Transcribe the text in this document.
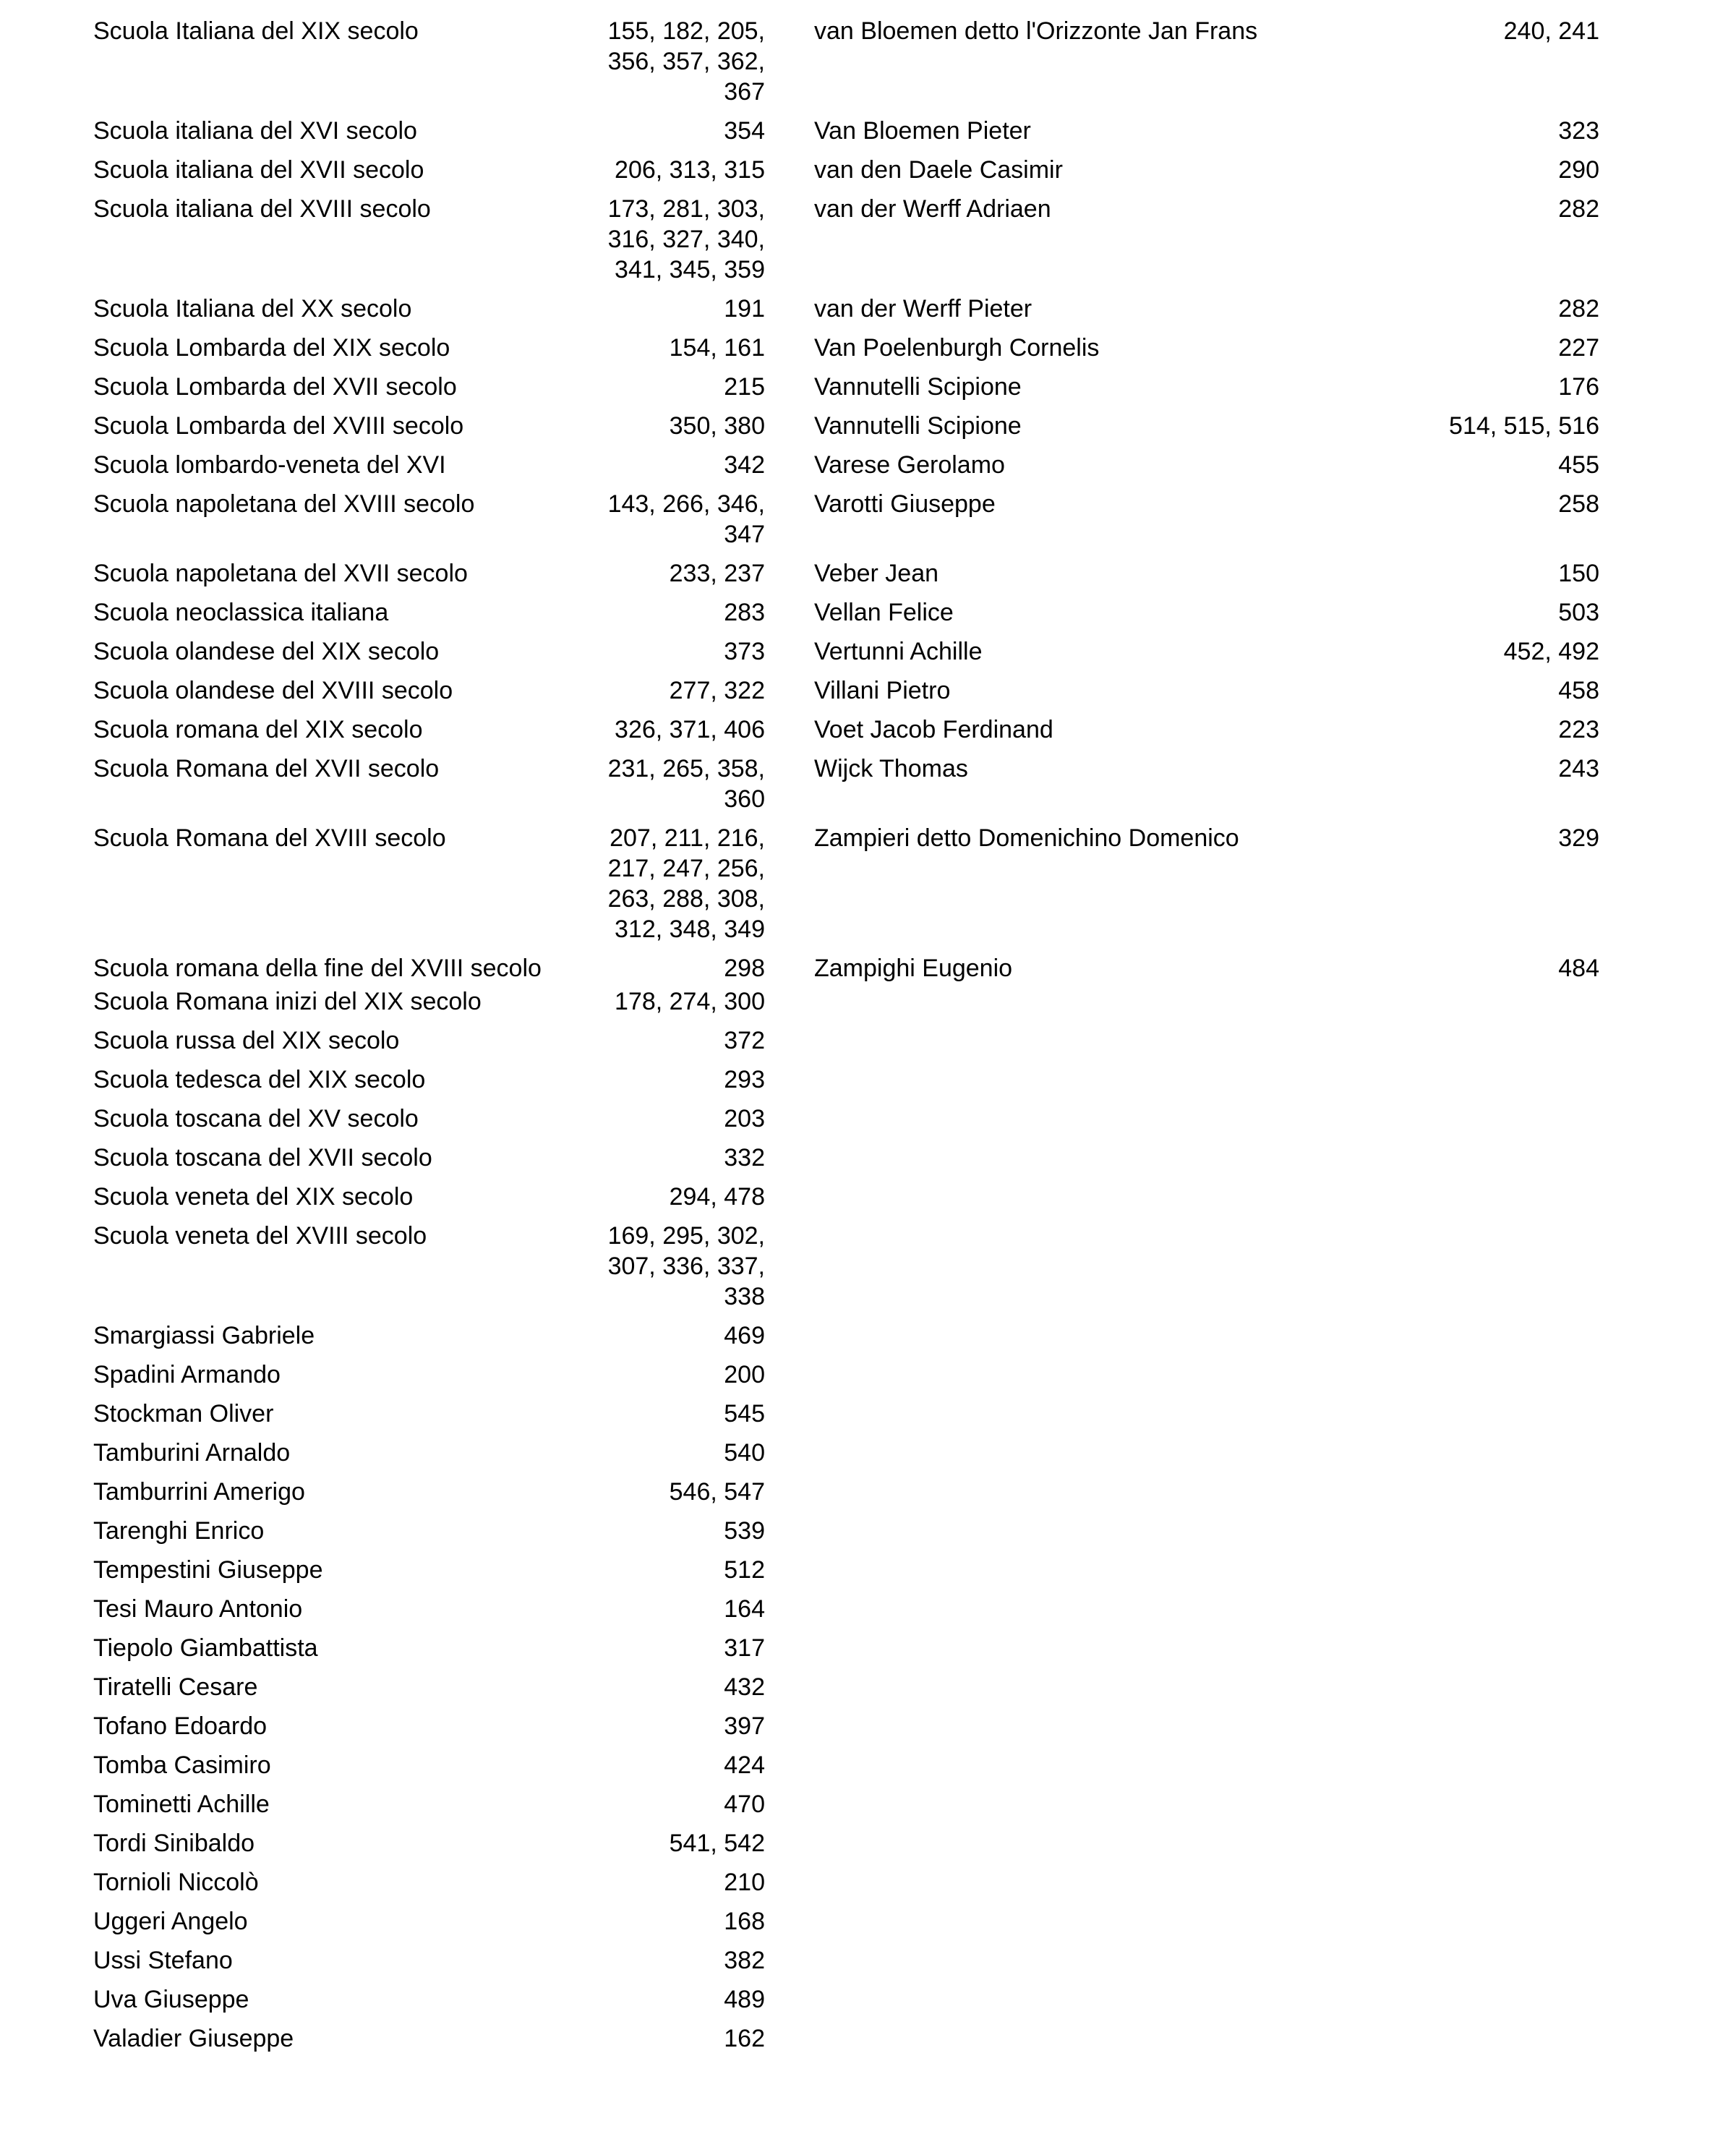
Scuola Italiana del XIX secolo	155, 182, 205, 356, 357, 362, 367
Scuola italiana del XVI secolo	354
Scuola italiana del XVII secolo	206, 313, 315
Scuola italiana del XVIII secolo	173, 281, 303, 316, 327, 340, 341, 345, 359
Scuola Italiana del XX secolo	191
Scuola Lombarda del XIX secolo	154, 161
Scuola Lombarda del XVII secolo	215
Scuola Lombarda del XVIII secolo	350, 380
Scuola lombardo-veneta del XVI	342
Scuola napoletana del XVIII secolo	143, 266, 346, 347
Scuola napoletana del XVII secolo	233, 237
Scuola neoclassica italiana	283
Scuola olandese del XIX secolo	373
Scuola olandese del XVIII secolo	277, 322
Scuola romana del XIX secolo	326, 371, 406
Scuola Romana del XVII secolo	231, 265, 358, 360
Scuola Romana del XVIII secolo	207, 211, 216, 217, 247, 256, 263, 288, 308, 312, 348, 349
Scuola romana della fine del XVIII secolo	298
Scuola Romana inizi del XIX secolo	178, 274, 300
Scuola russa del XIX secolo	372
Scuola tedesca del XIX secolo	293
Scuola toscana del XV secolo	203
Scuola toscana del XVII secolo	332
Scuola veneta del XIX secolo	294, 478
Scuola veneta del XVIII secolo	169, 295, 302, 307, 336, 337, 338
Smargiassi Gabriele	469
Spadini Armando	200
Stockman Oliver	545
Tamburini Arnaldo	540
Tamburrini Amerigo	546, 547
Tarenghi Enrico	539
Tempestini Giuseppe	512
Tesi Mauro Antonio	164
Tiepolo Giambattista	317
Tiratelli Cesare	432
Tofano Edoardo	397
Tomba Casimiro	424
Tominetti Achille	470
Tordi Sinibaldo	541, 542
Tornioli Niccolò	210
Uggeri Angelo	168
Ussi Stefano	382
Uva Giuseppe	489
Valadier Giuseppe	162
van Bloemen detto l'Orizzonte Jan Frans	240, 241
Van Bloemen Pieter	323
van den Daele Casimir	290
van der Werff Adriaen	282
van der Werff Pieter	282
Van Poelenburgh Cornelis	227
Vannutelli Scipione	176
Vannutelli Scipione	514, 515, 516
Varese Gerolamo	455
Varotti Giuseppe	258
Veber Jean	150
Vellan Felice	503
Vertunni Achille	452, 492
Villani Pietro	458
Voet Jacob Ferdinand	223
Wijck Thomas	243
Zampieri detto Domenichino Domenico	329
Zampighi Eugenio	484
